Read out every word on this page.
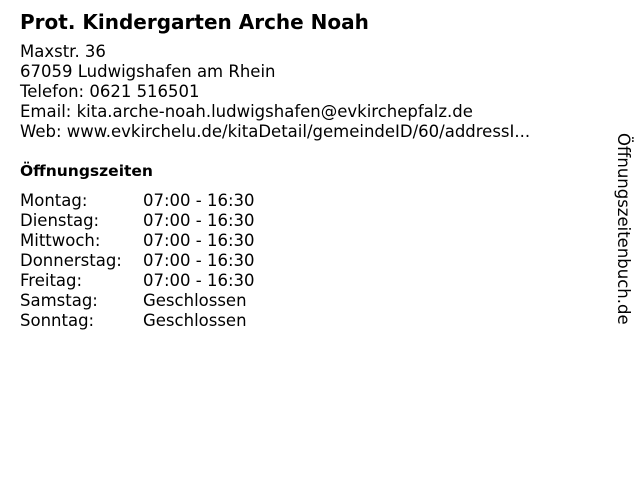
Prot. Kindergarten Arche Noah
Maxstr. 36
67059 Ludwigshafen am Rhein
Telefon: 0621 516501
Email: kita.arche-noah.ludwigshafen@evkirchepfalz.de
Web: www.evkirchelu.de/kitaDetail/gemeindeID/60/addressI...
Öffnungszeiten
Montag:	07:00 - 16:30
Dienstag:	07:00 - 16:30
Mittwoch:	07:00 - 16:30
Donnerstag:	07:00 - 16:30
Freitag:	07:00 - 16:30
Samstag:	Geschlossen
Sonntag:	Geschlossen	Öffnungszeitenbuch.de
